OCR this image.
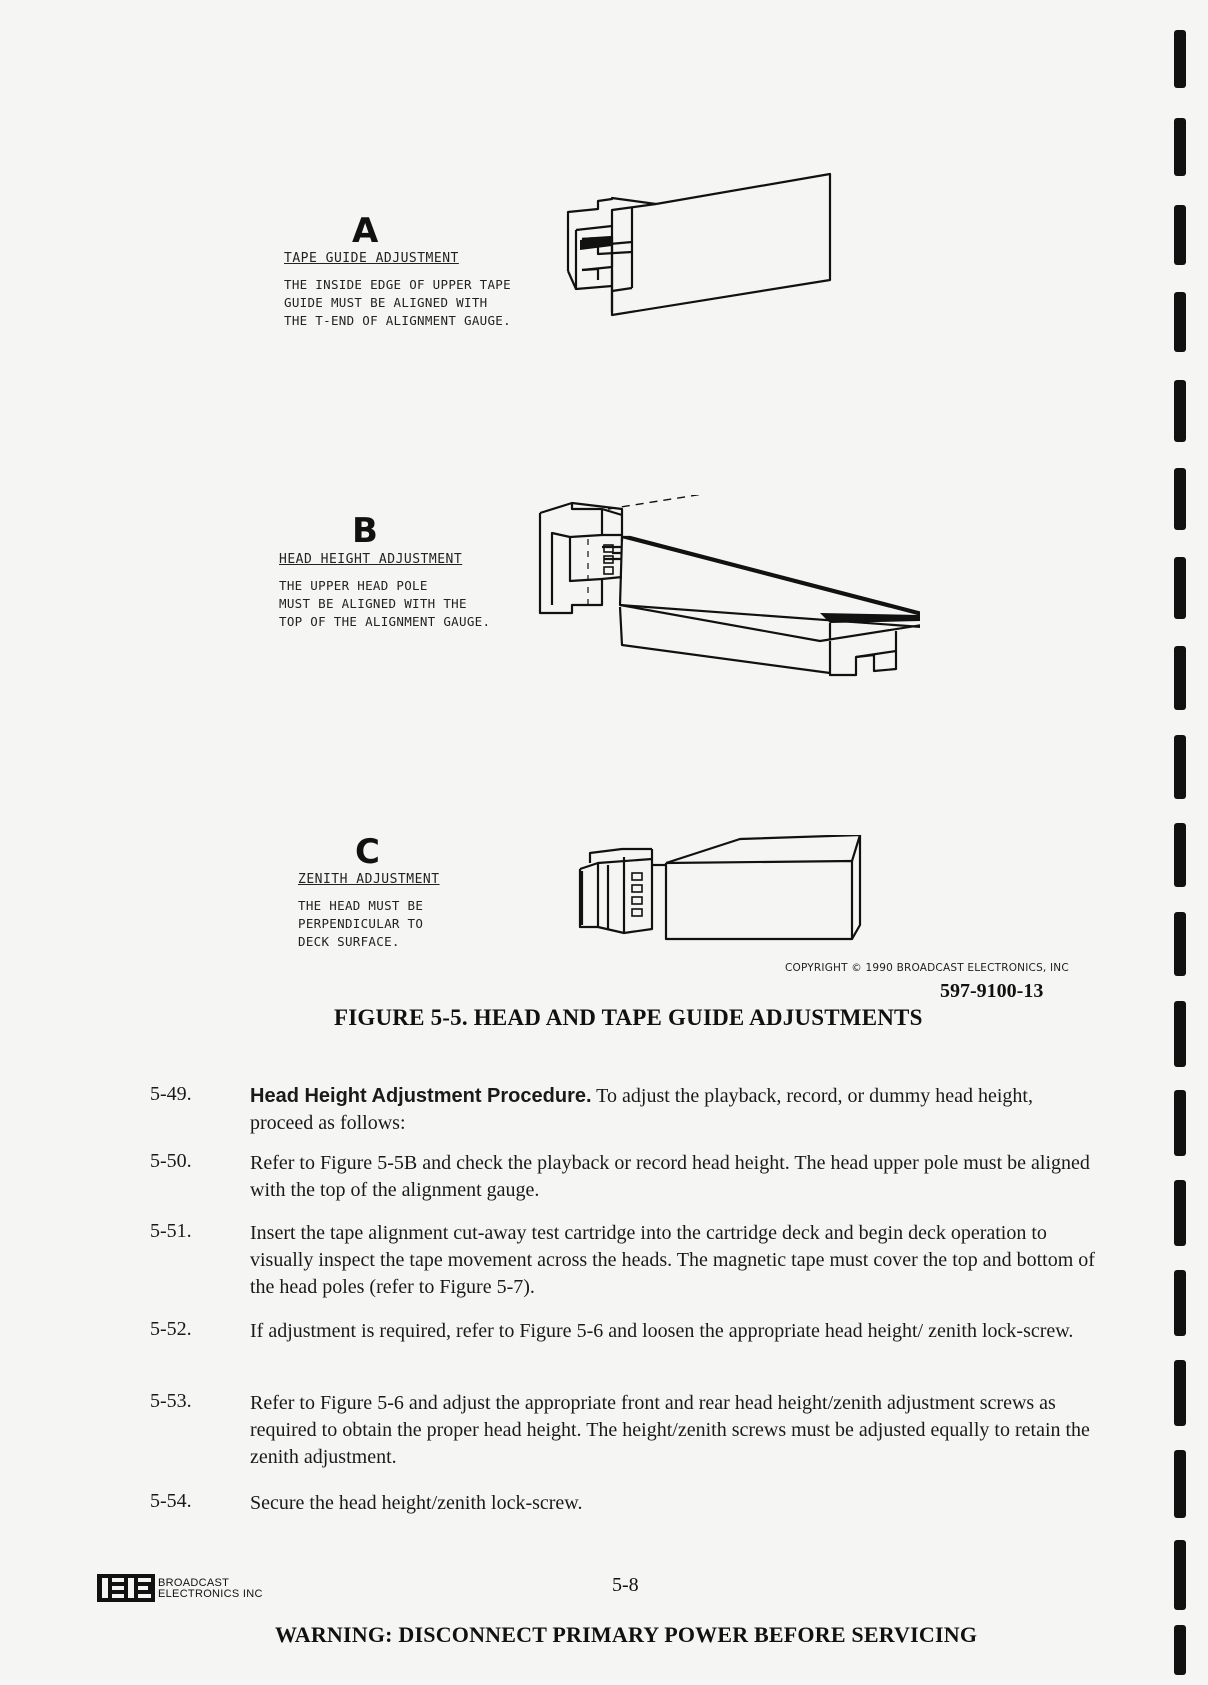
A
TAPE GUIDE ADJUSTMENT
THE INSIDE EDGE OF UPPER TAPE
GUIDE MUST BE ALIGNED WITH
THE T-END OF ALIGNMENT GAUGE.
B
HEAD HEIGHT ADJUSTMENT
THE UPPER HEAD POLE
MUST BE ALIGNED WITH THE
TOP OF THE ALIGNMENT GAUGE.
C
ZENITH ADJUSTMENT
THE HEAD MUST BE
PERPENDICULAR TO
DECK SURFACE.
COPYRIGHT © 1990 BROADCAST ELECTRONICS, INC
597-9100-13
FIGURE 5-5. HEAD AND TAPE GUIDE ADJUSTMENTS
5-49.	Head Height Adjustment Procedure. To adjust the playback, record, or dummy head height, proceed as follows:
5-50.	Refer to Figure 5-5B and check the playback or record head height. The head upper pole must be aligned with the top of the alignment gauge.
5-51.	Insert the tape alignment cut-away test cartridge into the cartridge deck and begin deck operation to visually inspect the tape movement across the heads. The magnetic tape must cover the top and bottom of the head poles (refer to Figure 5-7).
5-52.	If adjustment is required, refer to Figure 5-6 and loosen the appropriate head height/ zenith lock-screw.
5-53.	Refer to Figure 5-6 and adjust the appropriate front and rear head height/zenith adjustment screws as required to obtain the proper head height. The height/zenith screws must be adjusted equally to retain the zenith adjustment.
5-54.	Secure the head height/zenith lock-screw.
BROADCAST
ELECTRONICS INC	5-8
WARNING: DISCONNECT PRIMARY POWER BEFORE SERVICING
